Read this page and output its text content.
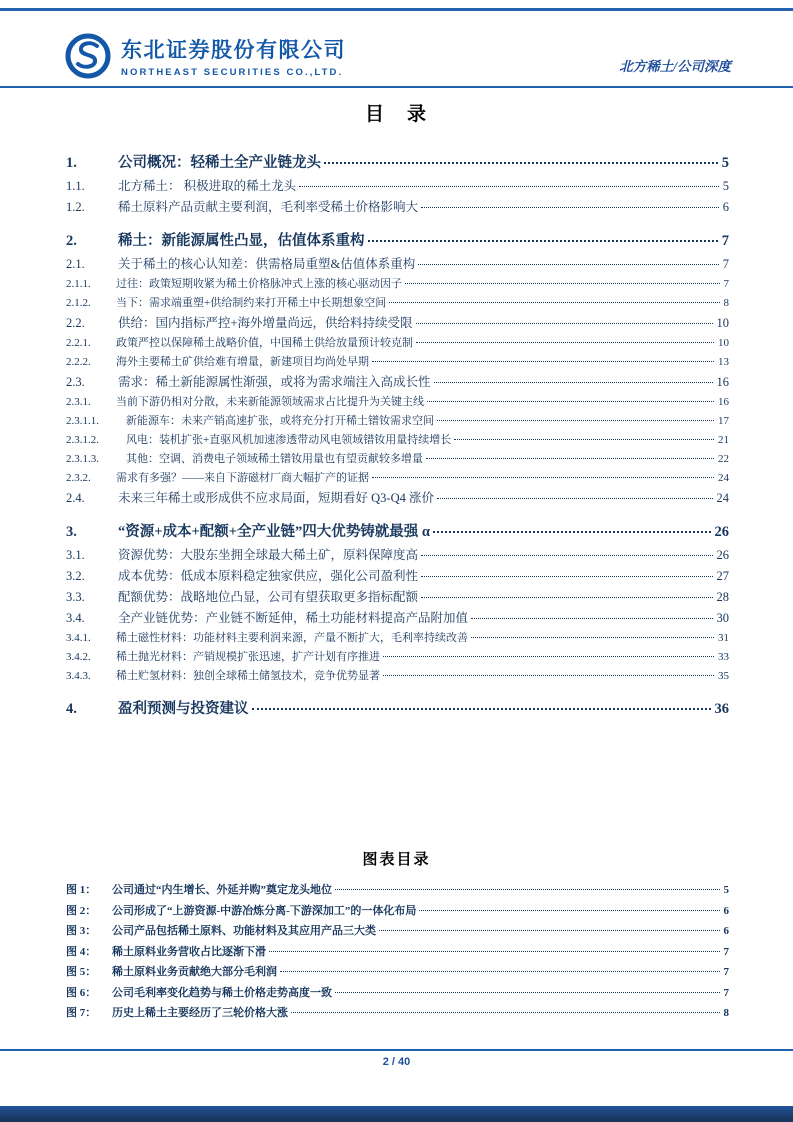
东北证券股份有限公司
NORTHEAST SECURITIES CO.,LTD.	北方稀土/公司深度
目　录
1.	公司概况：轻稀土全产业链龙头	5
1.1.	北方稀土： 积极进取的稀土龙头	5
1.2.	稀土原料产品贡献主要利润，毛利率受稀土价格影响大	6
2.	稀土：新能源属性凸显，估值体系重构	7
2.1.	关于稀土的核心认知差：供需格局重塑&估值体系重构	7
2.1.1.	过往：政策短期收紧为稀土价格脉冲式上涨的核心驱动因子	7
2.1.2.	当下：需求端重塑+供给制约来打开稀土中长期想象空间	8
2.2.	供给：国内指标严控+海外增量尚远，供给料持续受限	10
2.2.1.	政策严控以保障稀土战略价值，中国稀土供给放量预计较克制	10
2.2.2.	海外主要稀土矿供给难有增量，新建项目均尚处早期	13
2.3.	需求：稀土新能源属性渐强，或将为需求端注入高成长性	16
2.3.1.	当前下游仍相对分散，未来新能源领域需求占比提升为关键主线	16
2.3.1.1.	新能源车：未来产销高速扩张，或将充分打开稀土镨钕需求空间	17
2.3.1.2.	风电：装机扩张+直驱风机加速渗透带动风电领域镨钕用量持续增长	21
2.3.1.3.	其他：空调、消费电子领域稀土镨钕用量也有望贡献较多增量	22
2.3.2.	需求有多强？——来自下游磁材厂商大幅扩产的证据	24
2.4.	未来三年稀土或形成供不应求局面，短期看好 Q3-Q4 涨价	24
3.	“资源+成本+配额+全产业链”四大优势铸就最强 α	26
3.1.	资源优势：大股东坐拥全球最大稀土矿，原料保障度高	26
3.2.	成本优势：低成本原料稳定独家供应，强化公司盈利性	27
3.3.	配额优势：战略地位凸显，公司有望获取更多指标配额	28
3.4.	全产业链优势：产业链不断延伸，稀土功能材料提高产品附加值	30
3.4.1.	稀土磁性材料：功能材料主要利润来源，产量不断扩大，毛利率持续改善	31
3.4.2.	稀土抛光材料：产销规模扩张迅速，扩产计划有序推进	33
3.4.3.	稀土贮氢材料：独创全球稀土储氢技术，竞争优势显著	35
4.	盈利预测与投资建议	36
图表目录
图 1：	公司通过“内生增长、外延并购”奠定龙头地位	5
图 2：	公司形成了“上游资源-中游冶炼分离-下游深加工”的一体化布局	6
图 3：	公司产品包括稀土原料、功能材料及其应用产品三大类	6
图 4：	稀土原料业务营收占比逐渐下滑	7
图 5：	稀土原料业务贡献绝大部分毛利润	7
图 6：	公司毛利率变化趋势与稀土价格走势高度一致	7
图 7：	历史上稀土主要经历了三轮价格大涨	8
2 / 40
